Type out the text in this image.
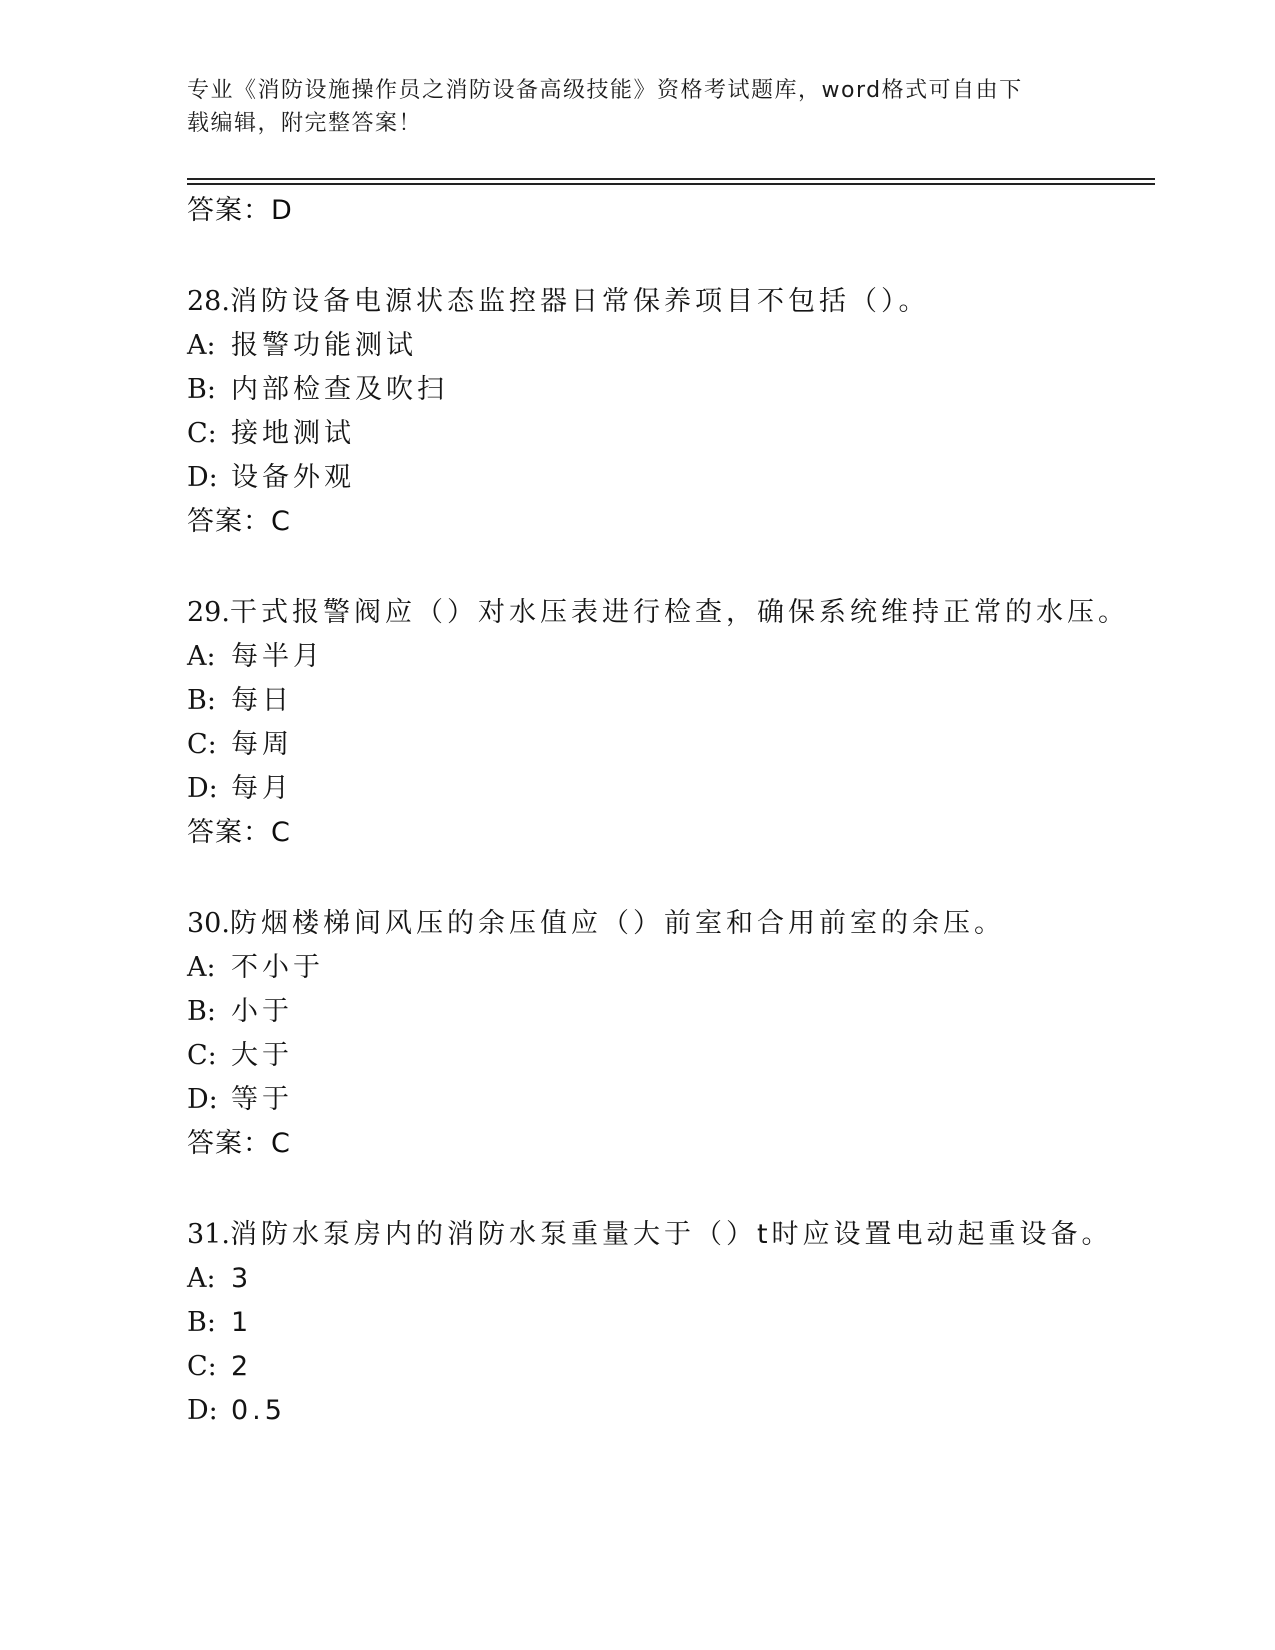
专业《消防设施操作员之消防设备高级技能》资格考试题库，word格式可自由下
载编辑，附完整答案！
答案：D
28.消防设备电源状态监控器日常保养项目不包括（）。
A: 报警功能测试
B: 内部检查及吹扫
C: 接地测试
D: 设备外观
答案：C
29.干式报警阀应（）对水压表进行检查，确保系统维持正常的水压。
A: 每半月
B: 每日
C: 每周
D: 每月
答案：C
30.防烟楼梯间风压的余压值应（）前室和合用前室的余压。
A: 不小于
B: 小于
C: 大于
D: 等于
答案：C
31.消防水泵房内的消防水泵重量大于（）t时应设置电动起重设备。
A: 3
B: 1
C: 2
D: 0.5
